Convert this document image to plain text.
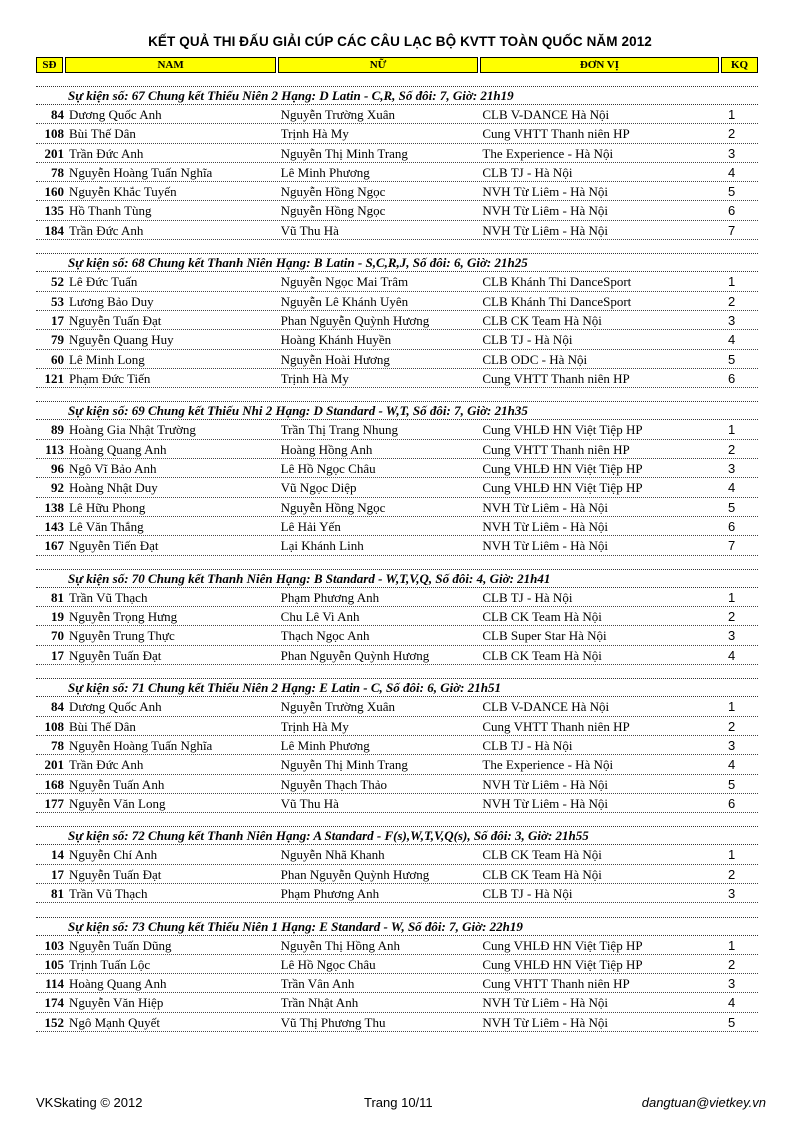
KẾT QUẢ THI ĐẤU GIẢI CÚP CÁC CÂU LẠC BỘ KVTT TOÀN QUỐC NĂM 2012
SĐ	NAM	NỮ	ĐƠN VỊ	KQ
Sự kiện số: 67 Chung kết Thiếu Niên 2 Hạng: D Latin - C,R, Số đôi: 7, Giờ: 21h19
84 Dương Quốc Anh	Nguyễn Trường Xuân	CLB V-DANCE Hà Nội	1
108 Bùi Thế Dân	Trịnh Hà My	Cung VHTT Thanh niên HP	2
201 Trần Đức Anh	Nguyễn Thị Minh Trang	The Experience - Hà Nội	3
78 Nguyễn Hoàng Tuấn Nghĩa	Lê Minh Phương	CLB TJ - Hà Nội	4
160 Nguyễn Khắc Tuyến	Nguyễn Hồng Ngọc	NVH Từ Liêm - Hà Nội	5
135 Hồ Thanh Tùng	Nguyễn Hồng Ngọc	NVH Từ Liêm - Hà Nội	6
184 Trần Đức Anh	Vũ Thu Hà	NVH Từ Liêm - Hà Nội	7
Sự kiện số: 68 Chung kết Thanh Niên Hạng: B Latin - S,C,R,J, Số đôi: 6, Giờ: 21h25
52 Lê Đức Tuấn	Nguyễn Ngọc Mai Trâm	CLB Khánh Thi DanceSport	1
53 Lương Bảo Duy	Nguyễn Lê Khánh Uyên	CLB Khánh Thi DanceSport	2
17 Nguyễn Tuấn Đạt	Phan Nguyễn Quỳnh Hương	CLB CK Team Hà Nội	3
79 Nguyễn Quang Huy	Hoàng Khánh Huyền	CLB TJ - Hà Nội	4
60 Lê Minh Long	Nguyễn Hoài Hương	CLB ODC - Hà Nội	5
121 Phạm Đức Tiến	Trịnh Hà My	Cung VHTT Thanh niên HP	6
Sự kiện số: 69 Chung kết Thiếu Nhi 2 Hạng: D Standard - W,T, Số đôi: 7, Giờ: 21h35
89 Hoàng Gia Nhật Trường	Trần Thị Trang Nhung	Cung VHLĐ HN Việt Tiệp HP	1
113 Hoàng Quang Anh	Hoàng Hồng Anh	Cung VHTT Thanh niên HP	2
96 Ngô Vĩ Bảo Anh	Lê Hồ Ngọc Châu	Cung VHLĐ HN Việt Tiệp HP	3
92 Hoàng Nhật Duy	Vũ Ngọc Diệp	Cung VHLĐ HN Việt Tiệp HP	4
138 Lê Hữu Phong	Nguyễn Hồng Ngọc	NVH Từ Liêm - Hà Nội	5
143 Lê Văn Thắng	Lê Hải Yến	NVH Từ Liêm - Hà Nội	6
167 Nguyễn Tiến Đạt	Lại Khánh Linh	NVH Từ Liêm - Hà Nội	7
Sự kiện số: 70 Chung kết Thanh Niên Hạng: B Standard - W,T,V,Q, Số đôi: 4, Giờ: 21h41
81 Trần Vũ Thạch	Phạm Phương Anh	CLB TJ - Hà Nội	1
19 Nguyễn Trọng Hưng	Chu Lê Vi Anh	CLB CK Team Hà Nội	2
70 Nguyễn Trung Thực	Thạch Ngọc Anh	CLB Super Star Hà Nội	3
17 Nguyễn Tuấn Đạt	Phan Nguyễn Quỳnh Hương	CLB CK Team Hà Nội	4
Sự kiện số: 71 Chung kết Thiếu Niên 2 Hạng: E Latin - C, Số đôi: 6, Giờ: 21h51
84 Dương Quốc Anh	Nguyễn Trường Xuân	CLB V-DANCE Hà Nội	1
108 Bùi Thế Dân	Trịnh Hà My	Cung VHTT Thanh niên HP	2
78 Nguyễn Hoàng Tuấn Nghĩa	Lê Minh Phương	CLB TJ - Hà Nội	3
201 Trần Đức Anh	Nguyễn Thị Minh Trang	The Experience - Hà Nội	4
168 Nguyễn Tuấn Anh	Nguyễn Thạch Thảo	NVH Từ Liêm - Hà Nội	5
177 Nguyễn Văn Long	Vũ Thu Hà	NVH Từ Liêm - Hà Nội	6
Sự kiện số: 72 Chung kết Thanh Niên Hạng: A Standard - F(s),W,T,V,Q(s), Số đôi: 3, Giờ: 21h55
14 Nguyễn Chí Anh	Nguyễn Nhã Khanh	CLB CK Team Hà Nội	1
17 Nguyễn Tuấn Đạt	Phan Nguyễn Quỳnh Hương	CLB CK Team Hà Nội	2
81 Trần Vũ Thạch	Phạm Phương Anh	CLB TJ - Hà Nội	3
Sự kiện số: 73 Chung kết Thiếu Niên 1 Hạng: E Standard - W, Số đôi: 7, Giờ: 22h19
103 Nguyễn Tuấn Dũng	Nguyễn Thị Hồng Anh	Cung VHLĐ HN Việt Tiệp HP	1
105 Trịnh Tuấn Lộc	Lê Hồ Ngọc Châu	Cung VHLĐ HN Việt Tiệp HP	2
114 Hoàng Quang Anh	Trần Vân Anh	Cung VHTT Thanh niên HP	3
174 Nguyễn Văn Hiệp	Trần Nhật Anh	NVH Từ Liêm - Hà Nội	4
152 Ngô Mạnh Quyết	Vũ Thị Phương Thu	NVH Từ Liêm - Hà Nội	5
VKSkating © 2012	Trang 10/11	dangtuan@vietkey.vn
